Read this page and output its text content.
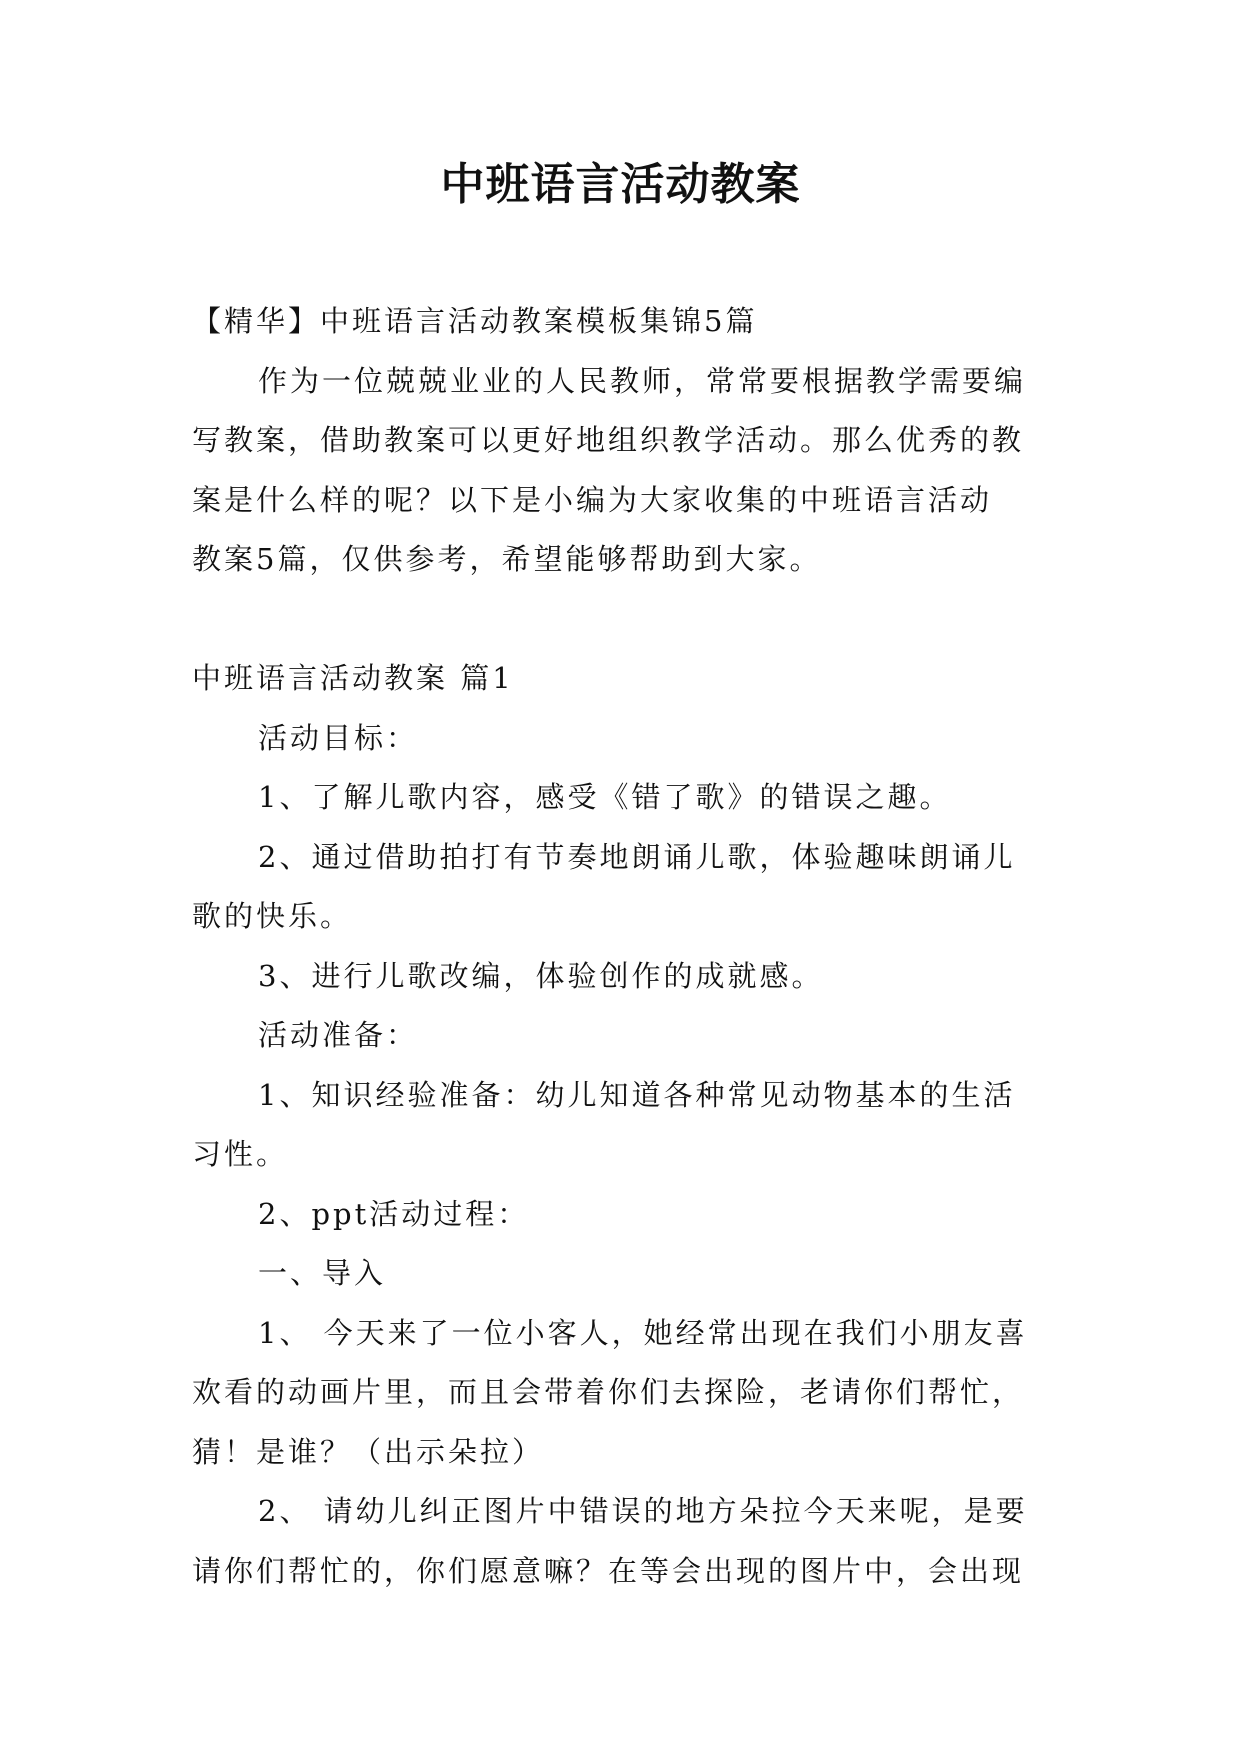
中班语言活动教案

【精华】中班语言活动教案模板集锦5篇

作为一位兢兢业业的人民教师，常常要根据教学需要编

写教案，借助教案可以更好地组织教学活动。那么优秀的教

案是什么样的呢？以下是小编为大家收集的中班语言活动

教案5篇，仅供参考，希望能够帮助到大家。

中班语言活动教案 篇1

活动目标：

1、了解儿歌内容，感受《错了歌》的错误之趣。

2、通过借助拍打有节奏地朗诵儿歌，体验趣味朗诵儿

歌的快乐。

3、进行儿歌改编，体验创作的成就感。

活动准备：

1、知识经验准备：幼儿知道各种常见动物基本的生活

习性。

2、ppt活动过程：

一、导入

1、 今天来了一位小客人，她经常出现在我们小朋友喜

欢看的动画片里，而且会带着你们去探险，老请你们帮忙，

猜！是谁？（出示朵拉）

2、 请幼儿纠正图片中错误的地方朵拉今天来呢，是要

请你们帮忙的，你们愿意嘛？在等会出现的图片中，会出现
